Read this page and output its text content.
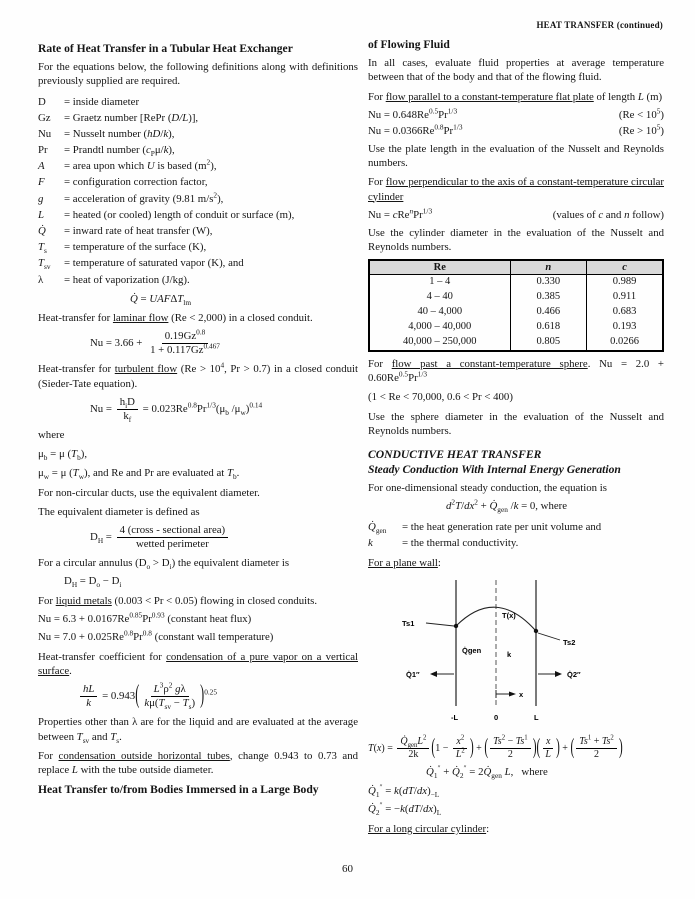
HEAT TRANSFER (continued)
Rate of Heat Transfer in a Tubular Heat Exchanger

For the equations below, the following definitions along with definitions previously supplied are required.

D	= inside diameter
Gz	= Graetz number [RePr (D/L)],
Nu	= Nusselt number (hD/k),
Pr	= Prandtl number $(c_P\mu/k)$,
A	= area upon which U is based $(m^2)$,
F	= configuration correction factor,
g	= acceleration of gravity (9.81 $m/s^2$),
L	= heated (or cooled) length of conduit or surface (m),
Q̇	= inward rate of heat transfer (W),
$T_s$	= temperature of the surface (K),
$T_{sv}$	= temperature of saturated vapor (K), and
λ	= heat of vaporization (J/kg).
Q̇ = $UAF\Delta T_{lm}$

Heat-transfer for laminar flow (Re < 2,000) in a closed conduit.

$Nu = 3.66 + \frac{0.19Gz^{0.8}}{1 + 0.117Gz^{0.467}}$

Heat-transfer for turbulent flow ($Re > 10^4$, Pr > 0.7) in a closed conduit (Sieder-Tate equation).

$Nu = \frac{h_iD}{k_f} = 0.023Re^{0.8}Pr^{1/3}(\mu_b$ $/\mu_w)^{0.14}$

where

$\mu_b = \mu$ $(T_b)$,

$\mu_w = \mu$ $(T_w)$, and Re and Pr are evaluated at $T_b$.

For non-circular ducts, use the equivalent diameter.

The equivalent diameter is defined as

$D_H = \frac{\text{4 (cross - sectional area)}}{\text{wetted perimeter}}$

For a circular annulus $(D_o > D_i)$ the equivalent diameter is

$D_H = D_o - D_i$

For liquid metals (0.003 < Pr < 0.05) flowing in closed conduits.

$Nu = 6.3 + 0.0167Re^{0.85}Pr^{0.93}$ (constant heat flux)
$Nu = 7.0 + 0.025Re^{0.8}Pr^{0.8}$ (constant wall temperature)

Heat-transfer coefficient for condensation of a pure vapor on a vertical surface.

$\frac{hL}{k} = 0.943( \frac{L^3\rho^2 g\lambda}{k\mu(T_{sv} - T_s)} )^{0.25}$

Properties other than λ are for the liquid and are evaluated at the average between $T_{sv}$ and $T_s$.

For condensation outside horizontal tubes, change 0.943 to 0.73 and replace L with the tube outside diameter.

Heat Transfer to/from Bodies Immersed in a Large Body
of Flowing Fluid

In all cases, evaluate fluid properties at average temperature between that of the body and that of the flowing fluid.

For flow parallel to a constant-temperature flat plate of length L (m)

$Nu = 0.648Re^{0.5}Pr^{1/3}$	$(Re < 10^5)$
$Nu = 0.0366Re^{0.8}Pr^{1/3}$	$(Re > 10^5)$

Use the plate length in the evaluation of the Nusselt and Reynolds numbers.

For flow perpendicular to the axis of a constant-temperature circular cylinder

$Nu = cRe^nPr^{1/3}$	(values of c and n follow)

Use the cylinder diameter in the evaluation of the Nusselt and Reynolds numbers.

Re	n	c
1 – 4	0.330	0.989
4 – 40	0.385	0.911
40 – 4,000	0.466	0.683
4,000 – 40,000	0.618	0.193
40,000 – 250,000	0.805	0.0266

For flow past a constant-temperature sphere. $Nu = 2.0 + 0.60Re^{0.5}Pr^{1/3}$

(1 < Re < 70,000, 0.6 < Pr < 400)

Use the sphere diameter in the evaluation of the Nusselt and Reynolds numbers.

CONDUCTIVE HEAT TRANSFER
Steady Conduction With Internal Energy Generation

For one-dimensional steady conduction, the equation is

$d^2T/dx^2$ + $Q̇_{gen}$ /k = 0, where
$Q̇_{gen}$	= the heat generation rate per unit volume and
k	= the thermal conductivity.

For a plane wall:

Ts1
Ts2
T(x)
Q̇gen	k
Q̇1″	Q̇2″
x
-L	0	L
$T(x) = \frac{Q̇_{gen}L^2}{2k} (1 - \frac{x^2}{L^2}$ ) + ( $\frac{Ts^2 - Ts^1}{2}$ )( $\frac{x}{L}$ ) + ( $\frac{Ts^1 + Ts^2}{2}$ )
$Q̇_1''$ + $Q̇_2''$ = $2Q̇_{gen}$ L,  where
$Q̇_1'' = k(dT/dx)_{-L}$
$Q̇_2'' = -k(dT/dx)_L$

For a long circular cylinder:

60
